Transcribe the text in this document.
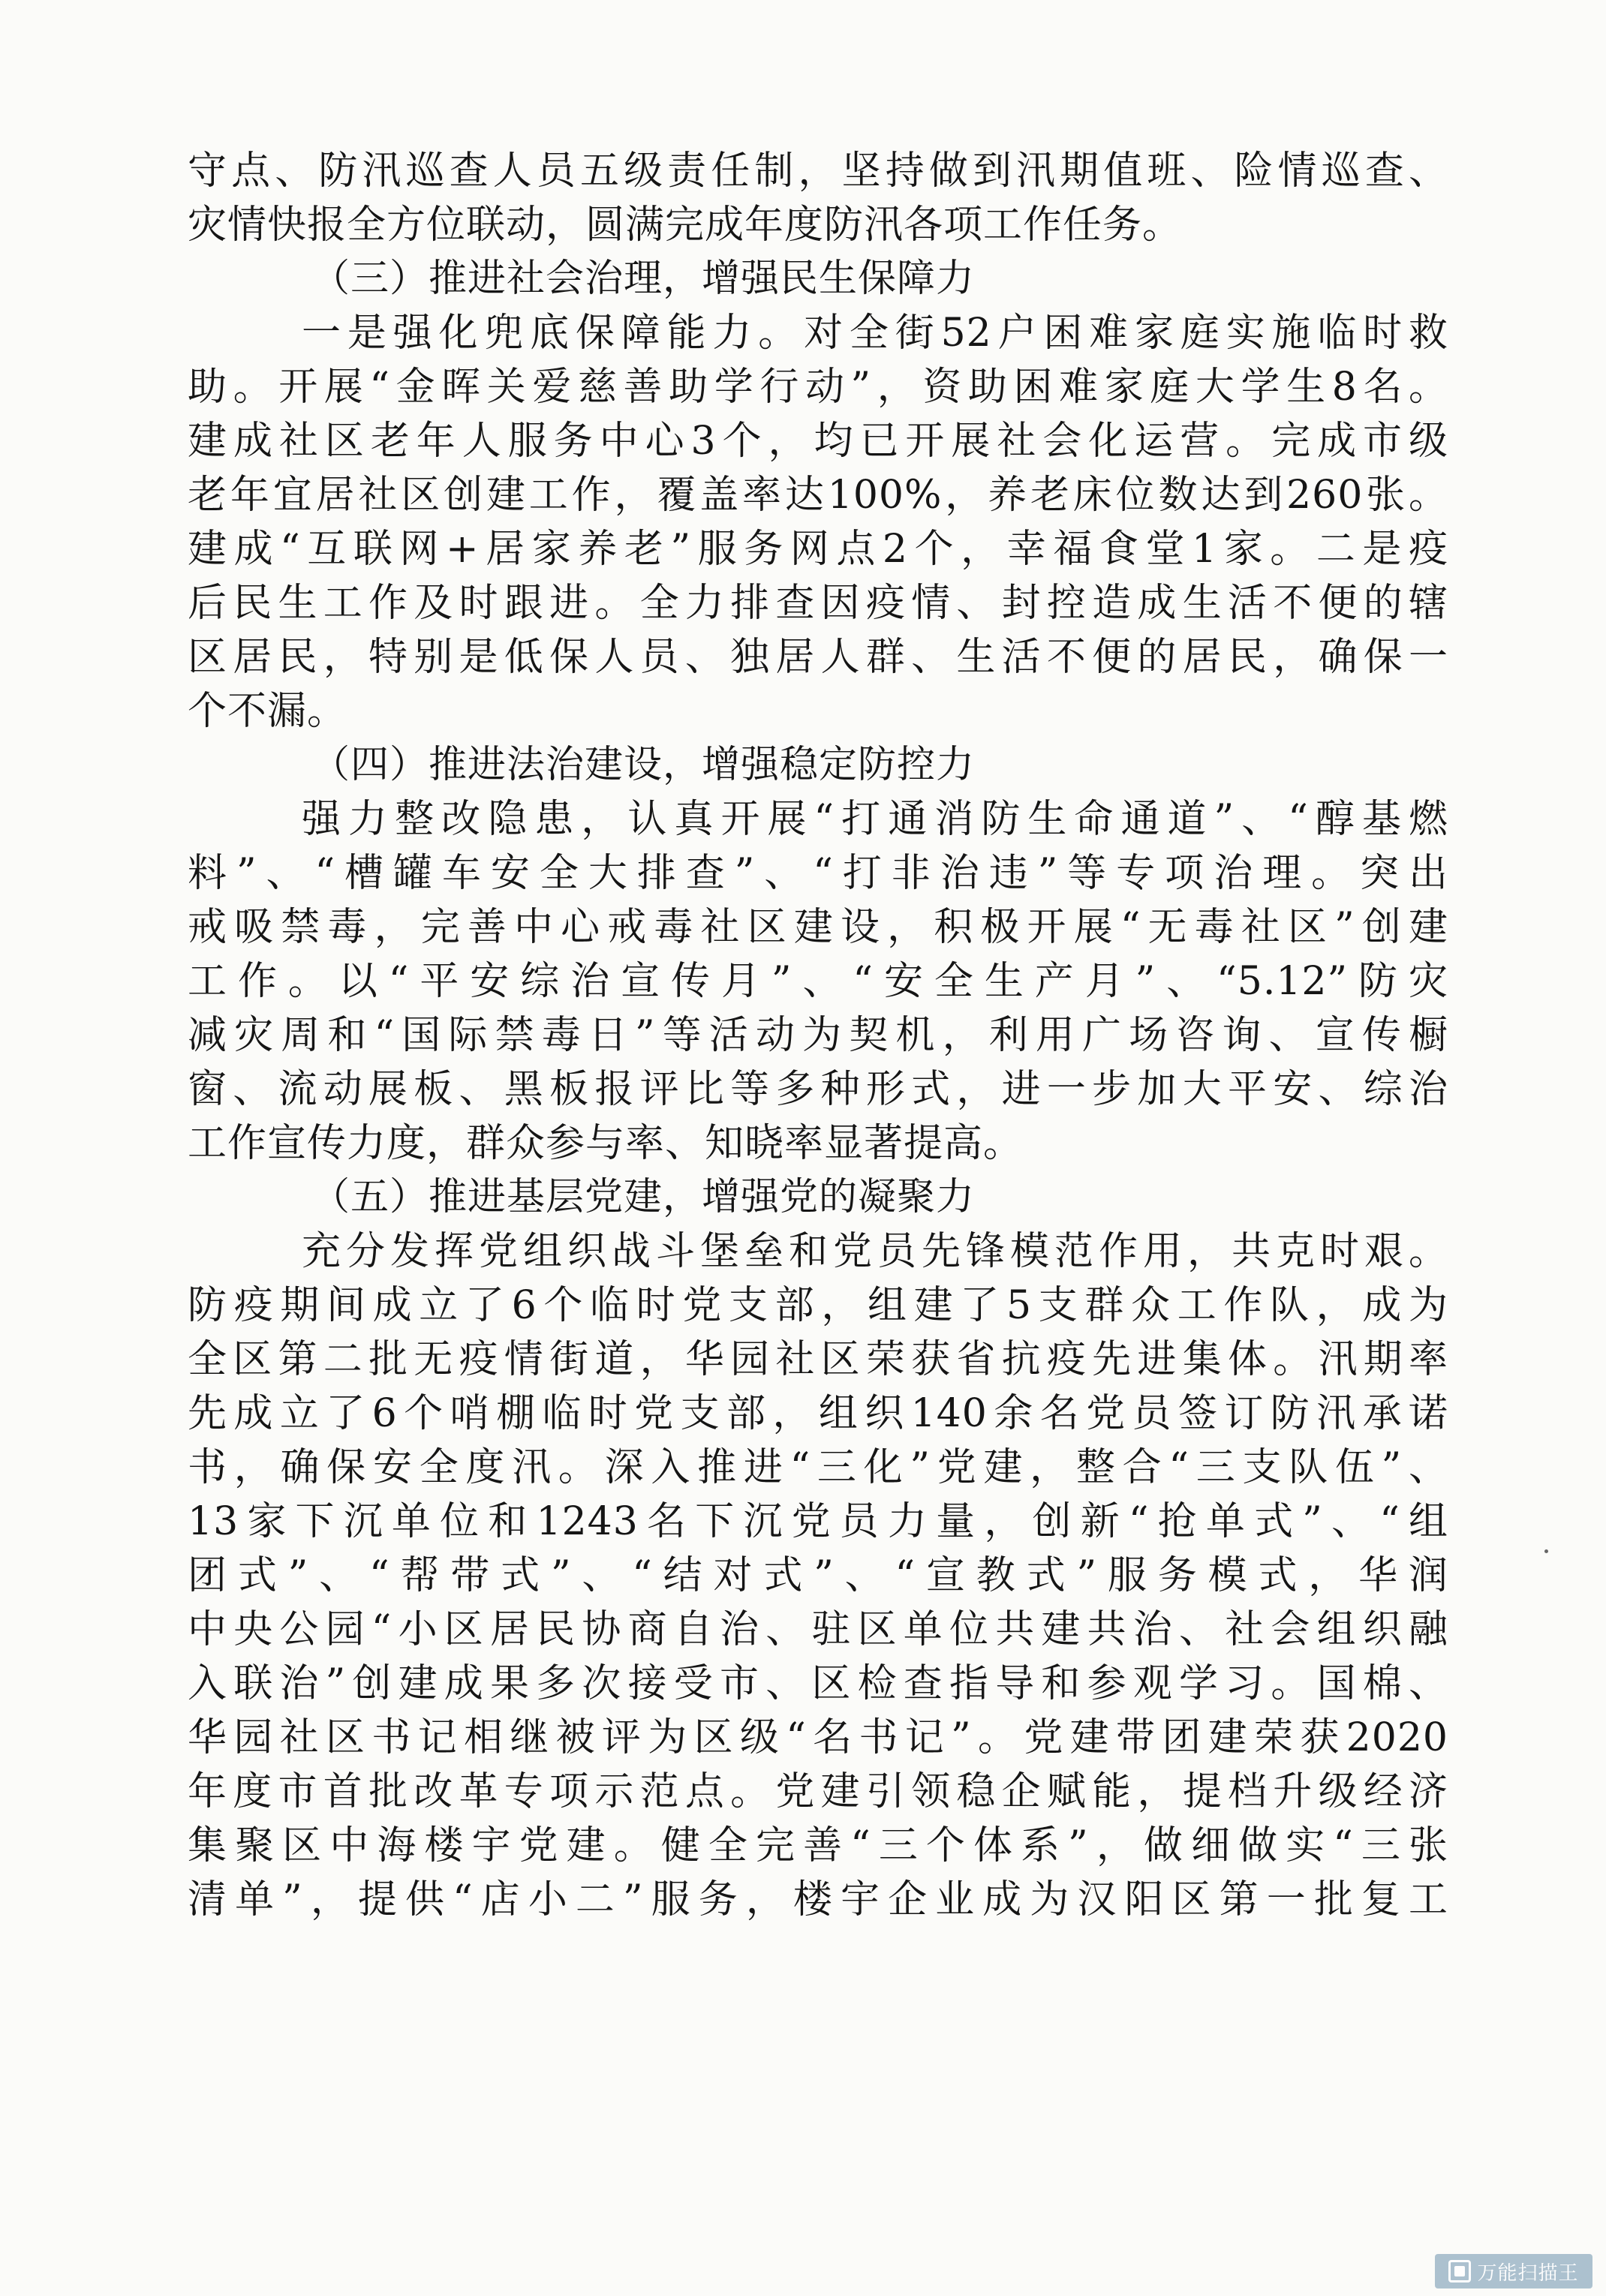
守点、防汛巡查人员五级责任制，坚持做到汛期值班、险情巡查、
灾情快报全方位联动，圆满完成年度防汛各项工作任务。
（三）推进社会治理，增强民生保障力
一是强化兜底保障能力。对全街52户困难家庭实施临时救
助。开展“金晖关爱慈善助学行动”，资助困难家庭大学生8名。
建成社区老年人服务中心3个，均已开展社会化运营。完成市级
老年宜居社区创建工作，覆盖率达100%，养老床位数达到260张。
建成“互联网+居家养老”服务网点2个，幸福食堂1家。二是疫
后民生工作及时跟进。全力排查因疫情、封控造成生活不便的辖
区居民，特别是低保人员、独居人群、生活不便的居民，确保一
个不漏。
（四）推进法治建设，增强稳定防控力
强力整改隐患，认真开展“打通消防生命通道”、“醇基燃
料”、“槽罐车安全大排查”、“打非治违”等专项治理。突出
戒吸禁毒，完善中心戒毒社区建设，积极开展“无毒社区”创建
工作。以“平安综治宣传月”、“安全生产月”、“5.12”防灾
减灾周和“国际禁毒日”等活动为契机，利用广场咨询、宣传橱
窗、流动展板、黑板报评比等多种形式，进一步加大平安、综治
工作宣传力度，群众参与率、知晓率显著提高。
（五）推进基层党建，增强党的凝聚力
充分发挥党组织战斗堡垒和党员先锋模范作用，共克时艰。
防疫期间成立了6个临时党支部，组建了5支群众工作队，成为
全区第二批无疫情街道，华园社区荣获省抗疫先进集体。汛期率
先成立了6个哨棚临时党支部，组织140余名党员签订防汛承诺
书，确保安全度汛。深入推进“三化”党建，整合“三支队伍”、
13家下沉单位和1243名下沉党员力量，创新“抢单式”、“组
团式”、“帮带式”、“结对式”、“宣教式”服务模式，华润
中央公园“小区居民协商自治、驻区单位共建共治、社会组织融
入联治”创建成果多次接受市、区检查指导和参观学习。国棉、
华园社区书记相继被评为区级“名书记”。党建带团建荣获2020
年度市首批改革专项示范点。党建引领稳企赋能，提档升级经济
集聚区中海楼宇党建。健全完善“三个体系”，做细做实“三张
清单”，提供“店小二”服务，楼宇企业成为汉阳区第一批复工
万能扫描王
